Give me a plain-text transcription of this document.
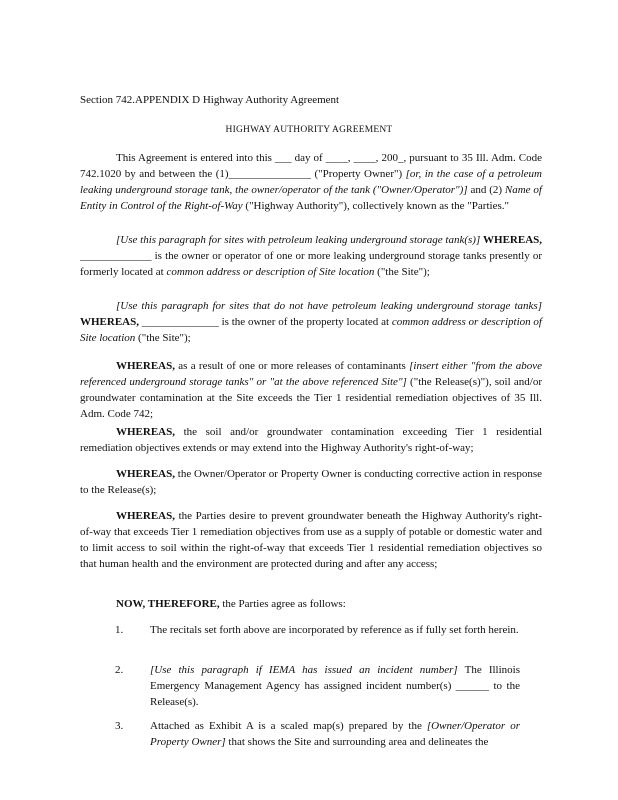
Section 742.APPENDIX D Highway Authority Agreement

HIGHWAY AUTHORITY AGREEMENT

This Agreement is entered into this ___ day of ____, ____, 200_, pursuant to 35 Ill. Adm. Code 742.1020 by and between the (1)_______________ ("Property Owner") [or, in the case of a petroleum leaking underground storage tank, the owner/operator of the tank ("Owner/Operator")] and (2) Name of Entity in Control of the Right-of-Way ("Highway Authority"), collectively known as the "Parties."

[Use this paragraph for sites with petroleum leaking underground storage tank(s)] WHEREAS, _____________ is the owner or operator of one or more leaking underground storage tanks presently or formerly located at common address or description of Site location ("the Site");

[Use this paragraph for sites that do not have petroleum leaking underground storage tanks] WHEREAS, ______________ is the owner of the property located at common address or description of Site location ("the Site");

WHEREAS, as a result of one or more releases of contaminants [insert either "from the above referenced underground storage tanks" or "at the above referenced Site"] ("the Release(s)"), soil and/or groundwater contamination at the Site exceeds the Tier 1 residential remediation objectives of 35 Ill. Adm. Code 742;

WHEREAS, the soil and/or groundwater contamination exceeding Tier 1 residential remediation objectives extends or may extend into the Highway Authority's right-of-way;

WHEREAS, the Owner/Operator or Property Owner is conducting corrective action in response to the Release(s);

WHEREAS, the Parties desire to prevent groundwater beneath the Highway Authority's right-of-way that exceeds Tier 1 remediation objectives from use as a supply of potable or domestic water and to limit access to soil within the right-of-way that exceeds Tier 1 residential remediation objectives so that human health and the environment are protected during and after any access;

NOW, THEREFORE, the Parties agree as follows:

1. The recitals set forth above are incorporated by reference as if fully set forth herein.

2. [Use this paragraph if IEMA has issued an incident number] The Illinois Emergency Management Agency has assigned incident number(s) ______ to the Release(s).

3. Attached as Exhibit A is a scaled map(s) prepared by the [Owner/Operator or Property Owner] that shows the Site and surrounding area and delineates the
